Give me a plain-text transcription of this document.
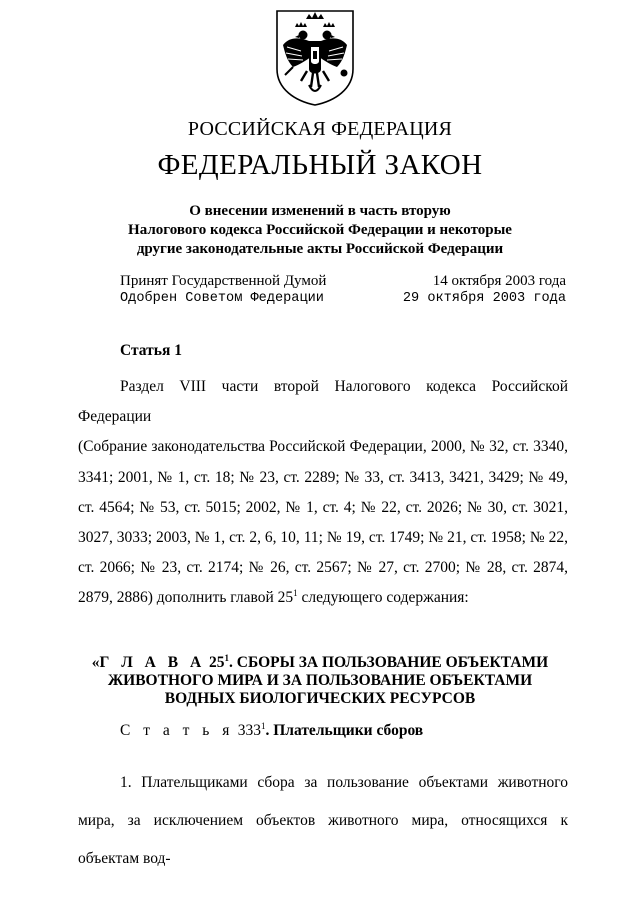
РОССИЙСКАЯ ФЕДЕРАЦИЯ
ФЕДЕРАЛЬНЫЙ ЗАКОН
О внесении изменений в часть вторую
Налогового кодекса Российской Федерации и некоторые
другие законодательные акты Российской Федерации
Принят Государственной Думой	14 октября 2003 года
Одобрен Советом Федерации	29 октября 2003 года
Статья 1

Раздел VIII части второй Налогового кодекса Российской Федерации

(Собрание законодательства Российской Федерации, 2000, № 32, ст. 3340, 3341; 2001, № 1, ст. 18; № 23, ст. 2289; № 33, ст. 3413, 3421, 3429; № 49, ст. 4564; № 53, ст. 5015; 2002, № 1, ст. 4; № 22, ст. 2026; № 30, ст. 3021, 3027, 3033; 2003, № 1, ст. 2, 6, 10, 11; № 19, ст. 1749; № 21, ст. 1958; № 22, ст. 2066; № 23, ст. 2174; № 26, ст. 2567; № 27, ст. 2700; № 28, ст. 2874, 2879, 2886) дополнить главой $25^1$ следующего содержания:

«Г Л А В А $25^1$. СБОРЫ ЗА ПОЛЬЗОВАНИЕ ОБЪЕКТАМИ
ЖИВОТНОГО МИРА И ЗА ПОЛЬЗОВАНИЕ ОБЪЕКТАМИ
ВОДНЫХ БИОЛОГИЧЕСКИХ РЕСУРСОВ
С т а т ь я $333^1$. Плательщики сборов

1. Плательщиками сбора за пользование объектами животного мира, за исключением объектов животного мира, относящихся к объектам вод-
